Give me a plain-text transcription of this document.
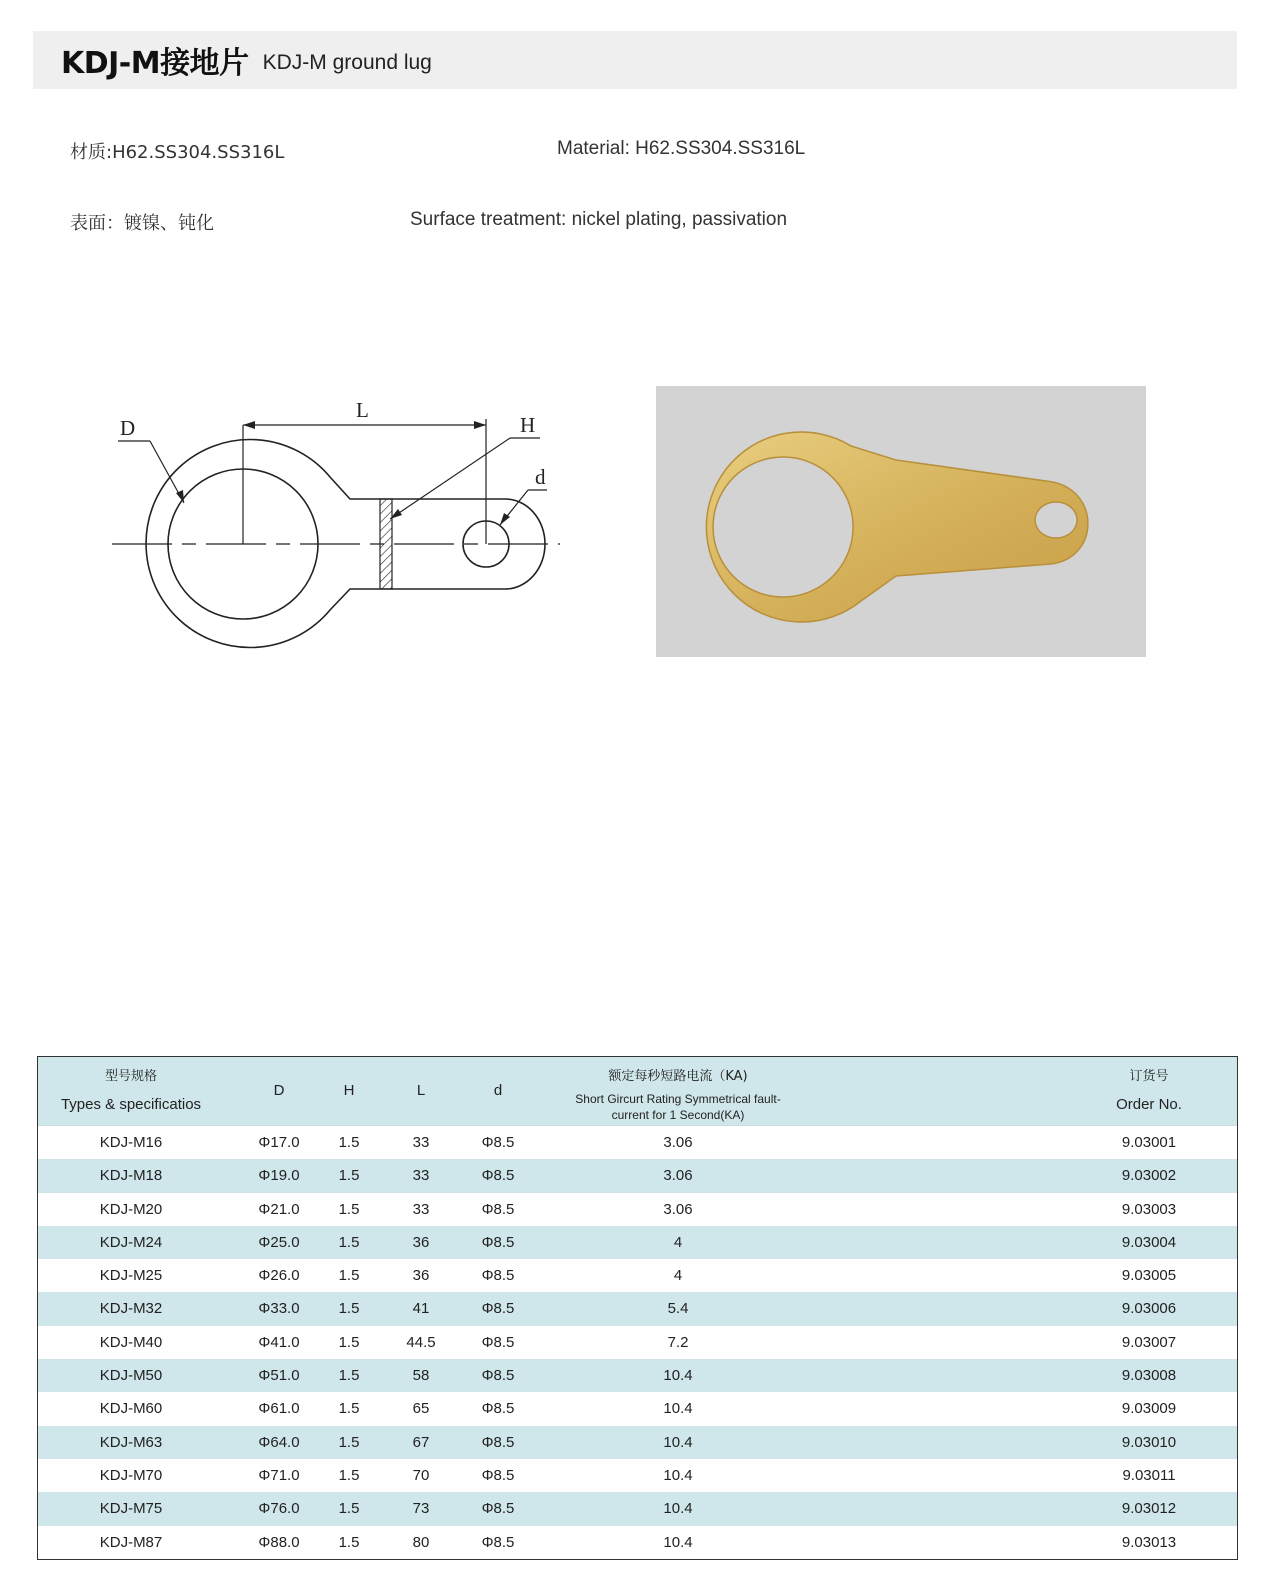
KDJ-M接地片 KDJ-M ground lug
材质:H62.SS304.SS316L	Material: H62.SS304.SS316L
表面：镀镍、钝化	Surface treatment: nickel plating, passivation
L
D	H
d
型号规格
Types & specificatios
D	H	L	d
额定每秒短路电流（KA)
Short Gircurt Rating Symmetrical fault-
current for 1 Second(KA)
订货号
Order No.
KDJ-M16	Φ17.0	1.5	33	Φ8.5	3.06	9.03001
KDJ-M18	Φ19.0	1.5	33	Φ8.5	3.06	9.03002
KDJ-M20	Φ21.0	1.5	33	Φ8.5	3.06	9.03003
KDJ-M24	Φ25.0	1.5	36	Φ8.5	4	9.03004
KDJ-M25	Φ26.0	1.5	36	Φ8.5	4	9.03005
KDJ-M32	Φ33.0	1.5	41	Φ8.5	5.4	9.03006
KDJ-M40	Φ41.0	1.5	44.5	Φ8.5	7.2	9.03007
KDJ-M50	Φ51.0	1.5	58	Φ8.5	10.4	9.03008
KDJ-M60	Φ61.0	1.5	65	Φ8.5	10.4	9.03009
KDJ-M63	Φ64.0	1.5	67	Φ8.5	10.4	9.03010
KDJ-M70	Φ71.0	1.5	70	Φ8.5	10.4	9.03011
KDJ-M75	Φ76.0	1.5	73	Φ8.5	10.4	9.03012
KDJ-M87	Φ88.0	1.5	80	Φ8.5	10.4	9.03013
